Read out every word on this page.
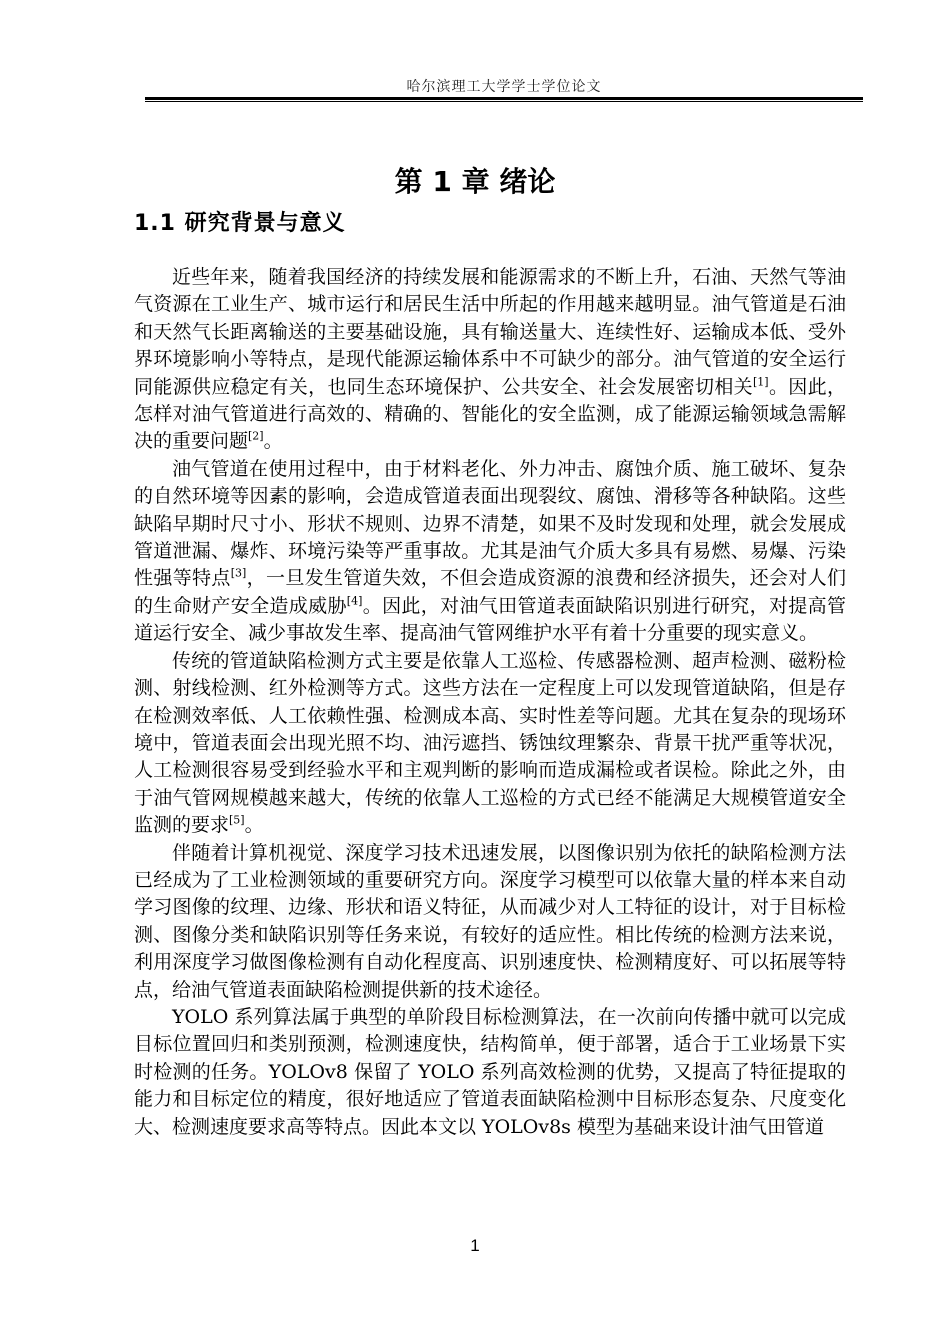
哈尔滨理工大学学士学位论文
第 1 章 绪论
1.1 研究背景与意义

近些年来，随着我国经济的持续发展和能源需求的不断上升，石油、天然气等油气资源在工业生产、城市运行和居民生活中所起的作用越来越明显。油气管道是石油和天然气长距离输送的主要基础设施，具有输送量大、连续性好、运输成本低、受外界环境影响小等特点，是现代能源运输体系中不可缺少的部分。油气管道的安全运行同能源供应稳定有关，也同生态环境保护、公共安全、社会发展密切相关[1]。因此，怎样对油气管道进行高效的、精确的、智能化的安全监测，成了能源运输领域急需解决的重要问题[2]。

油气管道在使用过程中，由于材料老化、外力冲击、腐蚀介质、施工破坏、复杂的自然环境等因素的影响，会造成管道表面出现裂纹、腐蚀、滑移等各种缺陷。这些缺陷早期时尺寸小、形状不规则、边界不清楚，如果不及时发现和处理，就会发展成管道泄漏、爆炸、环境污染等严重事故。尤其是油气介质大多具有易燃、易爆、污染性强等特点[3]，一旦发生管道失效，不但会造成资源的浪费和经济损失，还会对人们的生命财产安全造成威胁[4]。因此，对油气田管道表面缺陷识别进行研究，对提高管道运行安全、减少事故发生率、提高油气管网维护水平有着十分重要的现实意义。

传统的管道缺陷检测方式主要是依靠人工巡检、传感器检测、超声检测、磁粉检测、射线检测、红外检测等方式。这些方法在一定程度上可以发现管道缺陷，但是存在检测效率低、人工依赖性强、检测成本高、实时性差等问题。尤其在复杂的现场环境中，管道表面会出现光照不均、油污遮挡、锈蚀纹理繁杂、背景干扰严重等状况，人工检测很容易受到经验水平和主观判断的影响而造成漏检或者误检。除此之外，由于油气管网规模越来越大，传统的依靠人工巡检的方式已经不能满足大规模管道安全监测的要求[5]。

伴随着计算机视觉、深度学习技术迅速发展，以图像识别为依托的缺陷检测方法已经成为了工业检测领域的重要研究方向。深度学习模型可以依靠大量的样本来自动学习图像的纹理、边缘、形状和语义特征，从而减少对人工特征的设计，对于目标检测、图像分类和缺陷识别等任务来说，有较好的适应性。相比传统的检测方法来说，利用深度学习做图像检测有自动化程度高、识别速度快、检测精度好、可以拓展等特点，给油气管道表面缺陷检测提供新的技术途径。

YOLO 系列算法属于典型的单阶段目标检测算法，在一次前向传播中就可以完成目标位置回归和类别预测，检测速度快，结构简单，便于部署，适合于工业场景下实时检测的任务。YOLOv8 保留了 YOLO 系列高效检测的优势，又提高了特征提取的能力和目标定位的精度，很好地适应了管道表面缺陷检测中目标形态复杂、尺度变化大、检测速度要求高等特点。因此本文以 YOLOv8s 模型为基础来设计油气田管道

1
